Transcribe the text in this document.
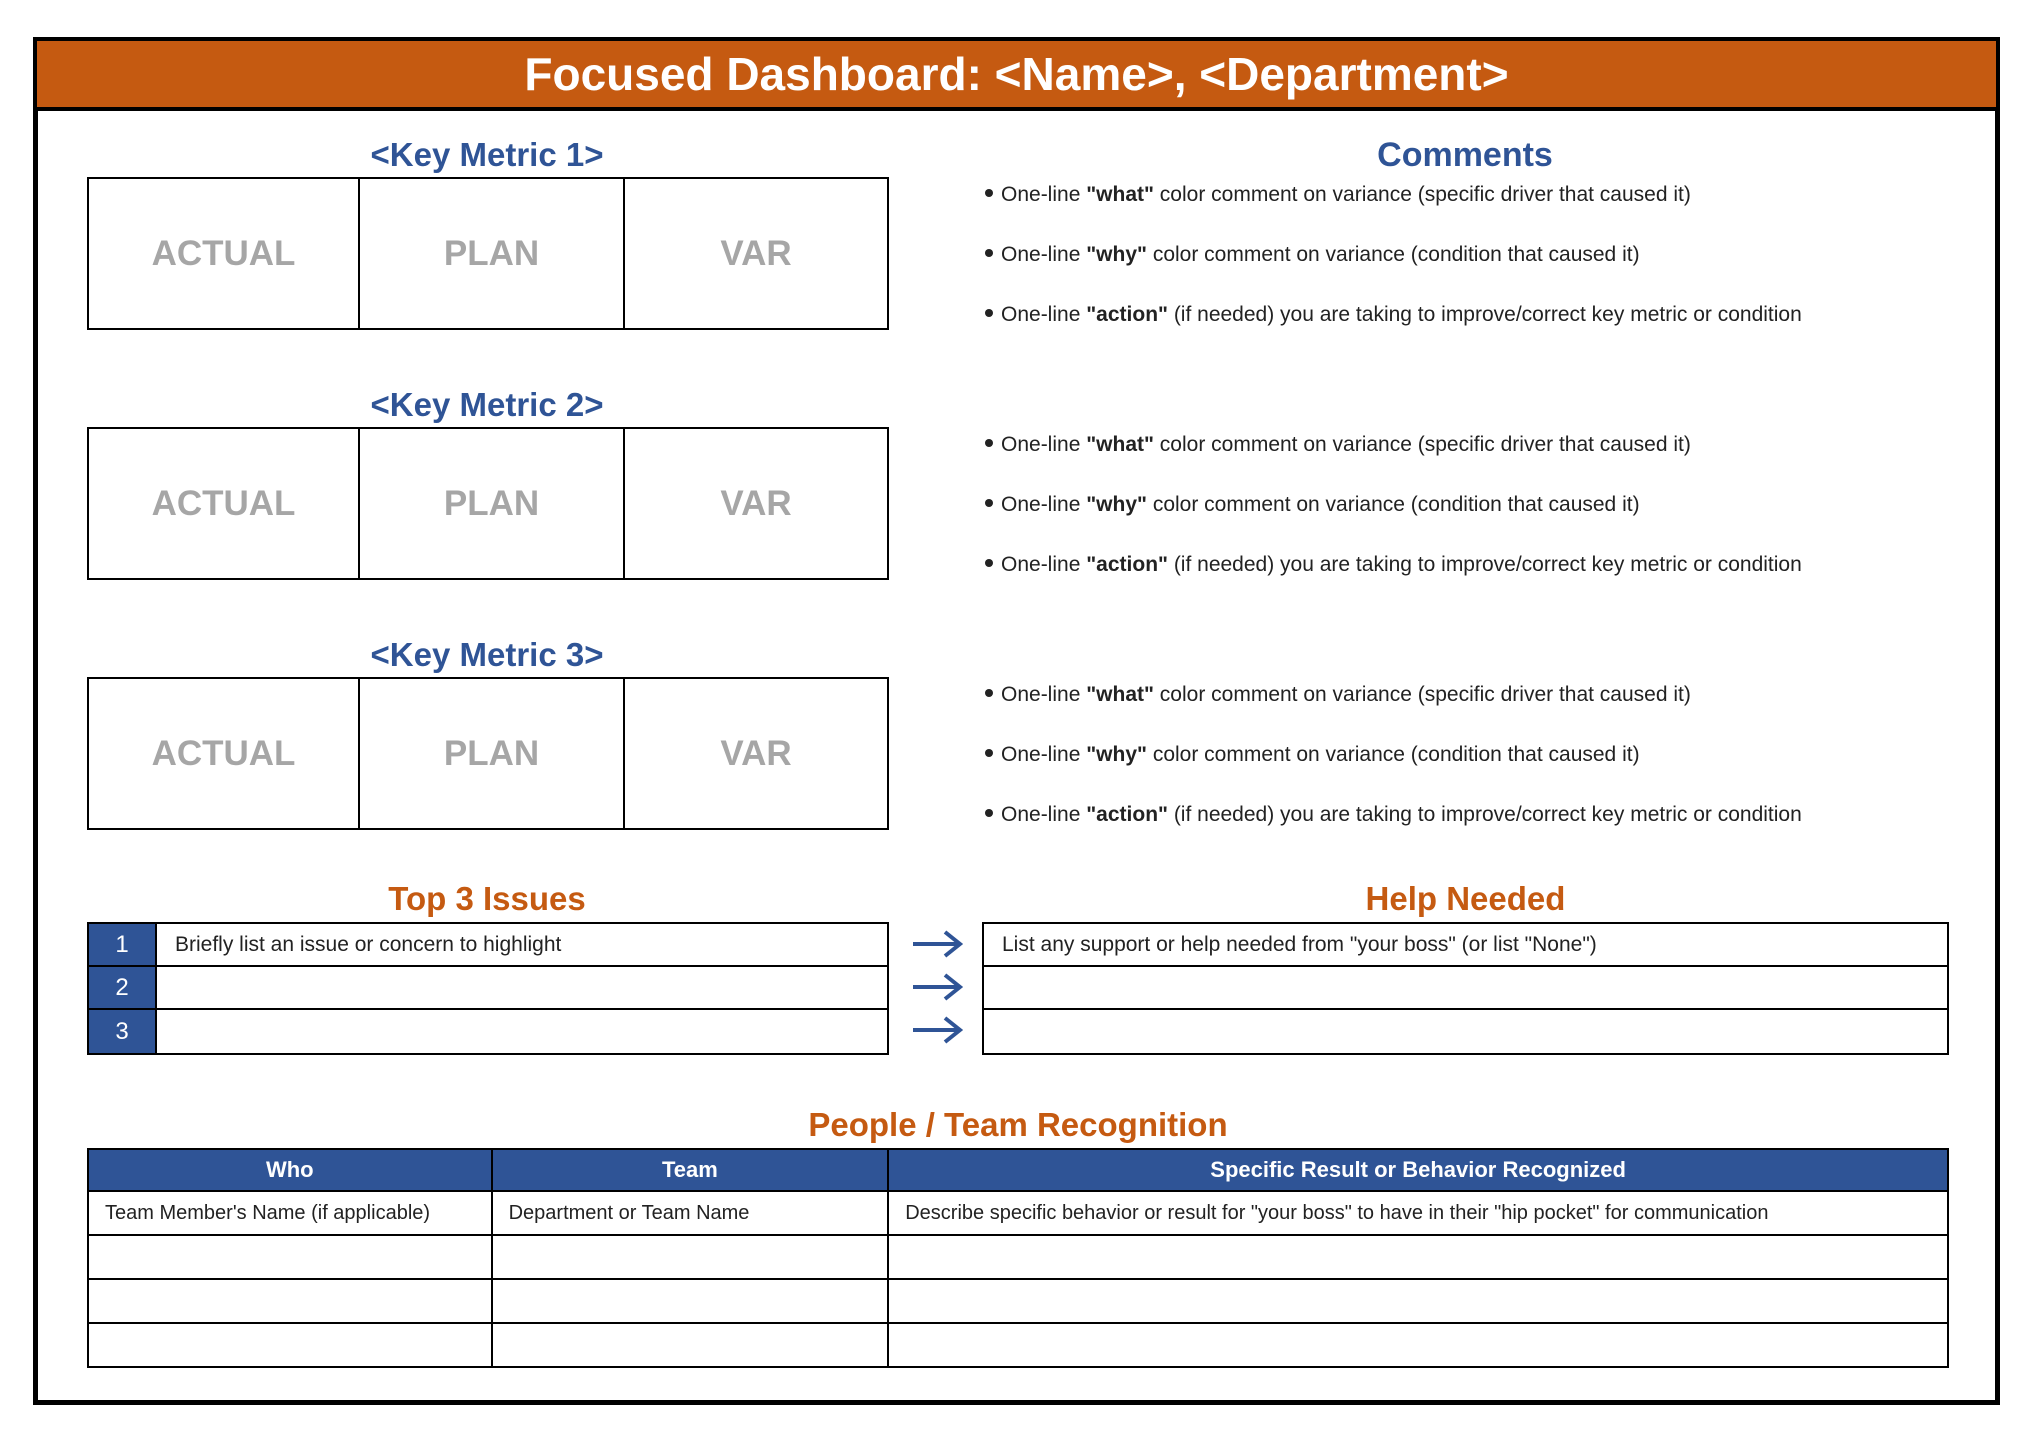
Focused Dashboard: <Name>, <Department>
<Key Metric 1>
ACTUAL	PLAN	VAR
<Key Metric 2>
ACTUAL	PLAN	VAR
<Key Metric 3>
ACTUAL	PLAN	VAR
Comments
One-line "what" color comment on variance (specific driver that caused it)
One-line "why" color comment on variance (condition that caused it)
One-line "action" (if needed) you are taking to improve/correct key metric or condition
One-line "what" color comment on variance (specific driver that caused it)
One-line "why" color comment on variance (condition that caused it)
One-line "action" (if needed) you are taking to improve/correct key metric or condition
One-line "what" color comment on variance (specific driver that caused it)
One-line "why" color comment on variance (condition that caused it)
One-line "action" (if needed) you are taking to improve/correct key metric or condition
Top 3 Issues
1	Briefly list an issue or concern to highlight
2
3
Help Needed
List any support or help needed from "your boss" (or list "None")
People / Team Recognition
Who	Team	Specific Result or Behavior Recognized
Team Member's Name (if applicable)	Department or Team Name	Describe specific behavior or result for "your boss" to have in their "hip pocket" for communication
